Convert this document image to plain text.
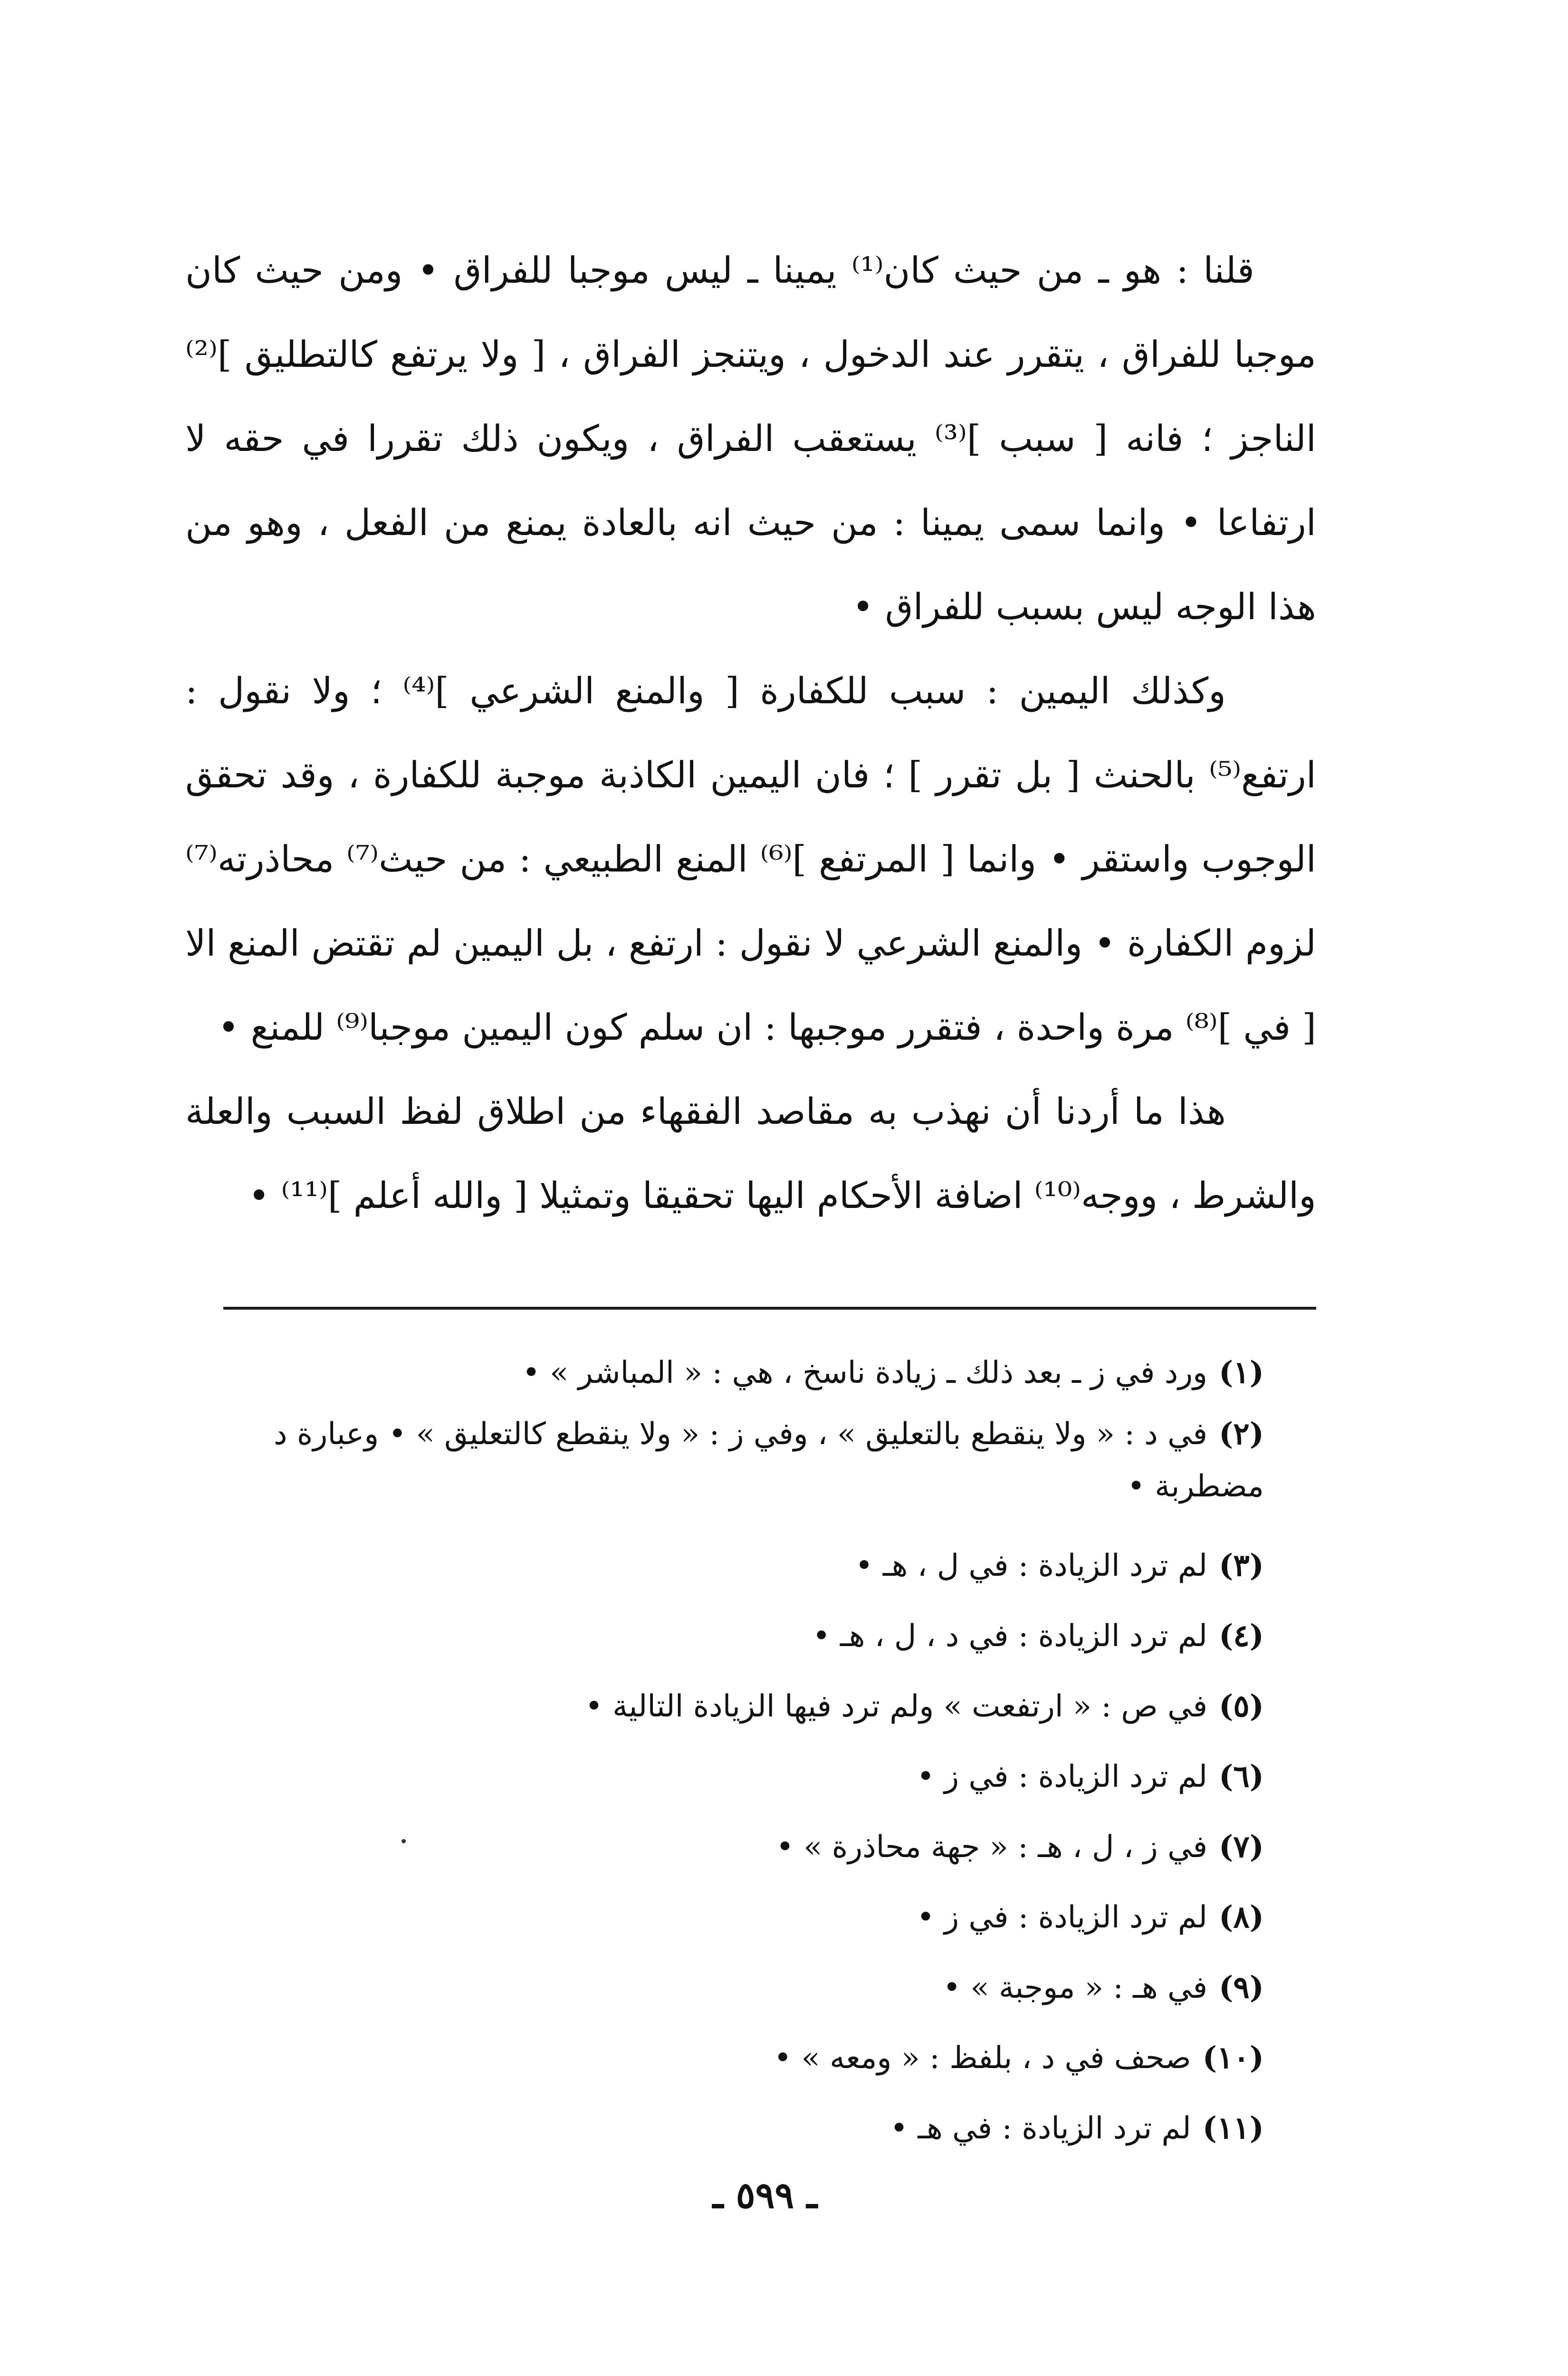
قلنا : هو ـ من حيث كان⁽¹⁾ يمينا ـ ليس موجبا للفراق • ومن حيث كان موجبا للفراق ، يتقرر عند الدخول ، ويتنجز الفراق ، [ ولا يرتفع كالتطليق ]⁽²⁾ الناجز ؛ فانه [ سبب ]⁽³⁾ يستعقب الفراق ، ويكون ذلك تقررا في حقه لا ارتفاعا • وانما سمى يمينا : من حيث انه بالعادة يمنع من الفعل ، وهو من هذا الوجه ليس بسبب للفراق •

وكذلك اليمين : سبب للكفارة [ والمنع الشرعي ]⁽⁴⁾ ؛ ولا نقول : ارتفع⁽⁵⁾ بالحنث [ بل تقرر ] ؛ فان اليمين الكاذبة موجبة للكفارة ، وقد تحقق الوجوب واستقر • وانما [ المرتفع ]⁽⁶⁾ المنع الطبيعي : من حيث⁽⁷⁾ محاذرته⁽⁷⁾ لزوم الكفارة • والمنع الشرعي لا نقول : ارتفع ، بل اليمين لم تقتض المنع الا [ في ]⁽⁸⁾ مرة واحدة ، فتقرر موجبها : ان سلم كون اليمين موجبا⁽⁹⁾ للمنع •

هذا ما أردنا أن نهذب به مقاصد الفقهاء من اطلاق لفظ السبب والعلة والشرط ، ووجه⁽¹⁰⁾ اضافة الأحكام اليها تحقيقا وتمثيلا [ والله أعلم ]⁽¹¹⁾ •

(١)ورد في ز ـ بعد ذلك ـ زيادة ناسخ ، هي : « المباشر » •

(٢)في د : « ولا ينقطع بالتعليق » ، وفي ز : « ولا ينقطع كالتعليق » • وعبارة د مضطربة •

(٣)لم ترد الزيادة : في ل ، هـ •

(٤)لم ترد الزيادة : في د ، ل ، هـ •

(٥)في ص : « ارتفعت » ولم ترد فيها الزيادة التالية •

(٦)لم ترد الزيادة : في ز •

(٧)في ز ، ل ، هـ : « جهة محاذرة » •

(٨)لم ترد الزيادة : في ز •

(٩)في هـ : « موجبة » •

(١٠)صحف في د ، بلفظ : « ومعه » •

(١١)لم ترد الزيادة : في هـ •

ـ ٥٩٩ ـ
